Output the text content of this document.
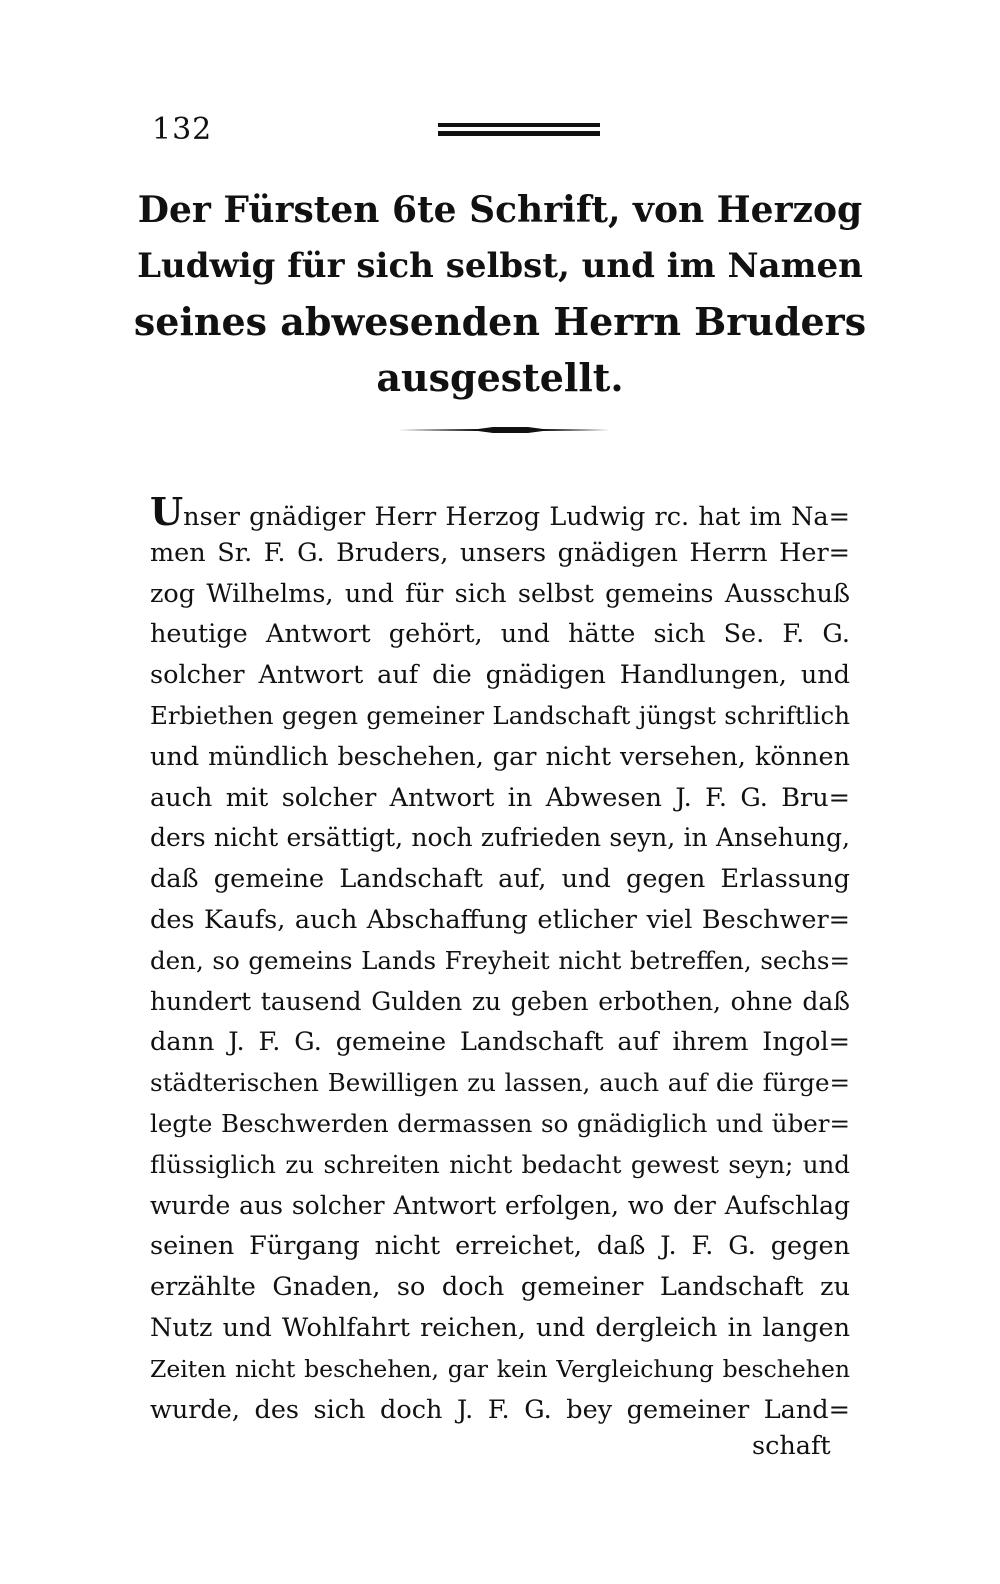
132
Der Fürsten 6te Schrift, von Herzog
Ludwig für sich selbst, und im Namen
seines abwesenden Herrn Bruders
ausgestellt.
Unser gnädiger Herr Herzog Ludwig rc. hat im Na=
men Sr. F. G. Bruders, unsers gnädigen Herrn Her=
zog Wilhelms, und für sich selbst gemeins Ausschuß
heutige Antwort gehört, und hätte sich Se. F. G.
solcher Antwort auf die gnädigen Handlungen, und
Erbiethen gegen gemeiner Landschaft jüngst schriftlich
und mündlich beschehen, gar nicht versehen, können
auch mit solcher Antwort in Abwesen J. F. G. Bru=
ders nicht ersättigt, noch zufrieden seyn, in Ansehung,
daß gemeine Landschaft auf, und gegen Erlassung
des Kaufs, auch Abschaffung etlicher viel Beschwer=
den, so gemeins Lands Freyheit nicht betreffen, sechs=
hundert tausend Gulden zu geben erbothen, ohne daß
dann J. F. G. gemeine Landschaft auf ihrem Ingol=
städterischen Bewilligen zu lassen, auch auf die fürge=
legte Beschwerden dermassen so gnädiglich und über=
flüssiglich zu schreiten nicht bedacht gewest seyn; und
wurde aus solcher Antwort erfolgen, wo der Aufschlag
seinen Fürgang nicht erreichet, daß J. F. G. gegen
erzählte Gnaden, so doch gemeiner Landschaft zu
Nutz und Wohlfahrt reichen, und dergleich in langen
Zeiten nicht beschehen, gar kein Vergleichung beschehen
wurde, des sich doch J. F. G. bey gemeiner Land=
schaft
